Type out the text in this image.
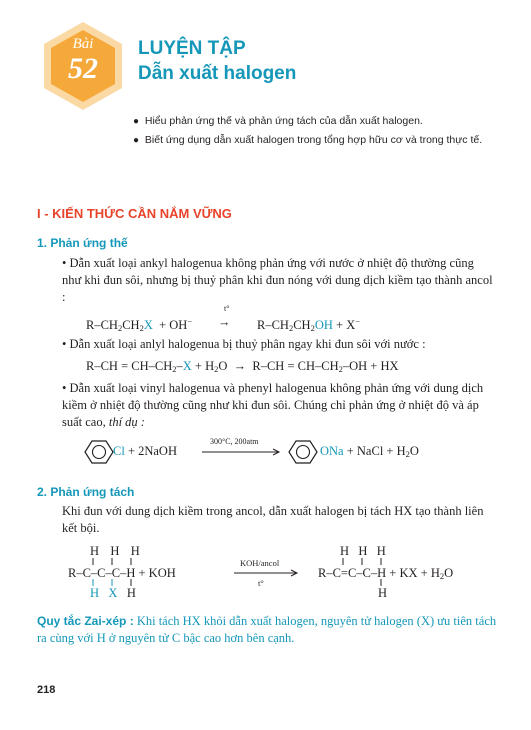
Bài
52
LUYỆN TẬP
Dẫn xuất halogen
● Hiểu phản ứng thế và phản ứng tách của dẫn xuất halogen.
● Biết ứng dụng dẫn xuất halogen trong tổng hợp hữu cơ và trong thực tế.
I - KIẾN THỨC CẦN NẮM VỮNG
1. Phản ứng thế
• Dẫn xuất loại ankyl halogenua không phản ứng với nước ở nhiệt độ thường cũng như khi đun sôi, nhưng bị thuỷ phân khi đun nóng với dung dịch kiềm tạo thành ancol :
$R-CH_2CH_2X + OH^-$
t°
→ $R-CH_2CH_2OH + X^-$
• Dẫn xuất loại anlyl halogenua bị thuỷ phân ngay khi đun sôi với nước :
$R-CH = CH-CH_2-X + H_2O \to R-CH = CH-CH_2-OH$ + HX
• Dẫn xuất loại vinyl halogenua và phenyl halogenua không phản ứng với dung dịch kiềm ở nhiệt độ thường cũng như khi đun sôi. Chúng chỉ phản ứng ở nhiệt độ và áp suất cao, thí dụ :
Cl + 2NaOH
300°C, 200atm
ONa + NaCl + $H_2O$
2. Phản ứng tách
Khi đun với dung dịch kiềm trong ancol, dẫn xuất halogen bị tách HX tạo thành liên kết bội.
H   H   H
R–C–C–C–H + KOH
H X   H
KOH/ancol
t°
H   H   H
R–C=C–C–H + KX + $H_2O$
H
Quy tắc Zai-xép : Khi tách HX khỏi dẫn xuất halogen, nguyên tử halogen (X) ưu tiên tách ra cùng với H ở nguyên tử C bậc cao hơn bên cạnh.
218
